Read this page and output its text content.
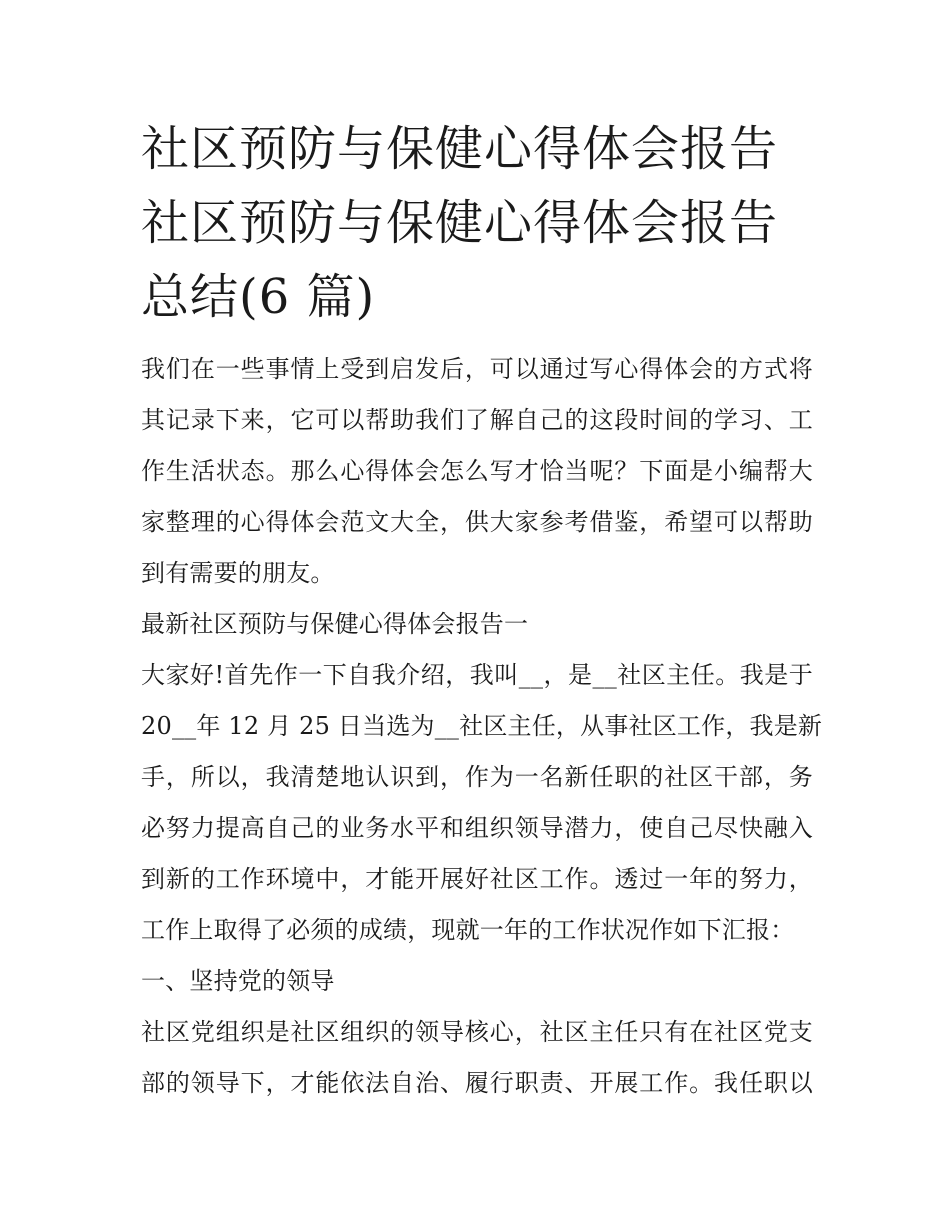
社区预防与保健心得体会报告
社区预防与保健心得体会报告
总结(6 篇)

我们在一些事情上受到启发后，可以通过写心得体会的方式将
其记录下来，它可以帮助我们了解自己的这段时间的学习、工
作生活状态。那么心得体会怎么写才恰当呢？下面是小编帮大
家整理的心得体会范文大全，供大家参考借鉴，希望可以帮助
到有需要的朋友。

最新社区预防与保健心得体会报告一

大家好!首先作一下自我介绍，我叫__，是__社区主任。我是于
20__年 12 月 25 日当选为__社区主任，从事社区工作，我是新
手，所以，我清楚地认识到，作为一名新任职的社区干部，务
必努力提高自己的业务水平和组织领导潜力，使自己尽快融入
到新的工作环境中，才能开展好社区工作。透过一年的努力，
工作上取得了必须的成绩，现就一年的工作状况作如下汇报：

一、坚持党的领导

社区党组织是社区组织的领导核心，社区主任只有在社区党支
部的领导下，才能依法自治、履行职责、开展工作。我任职以
